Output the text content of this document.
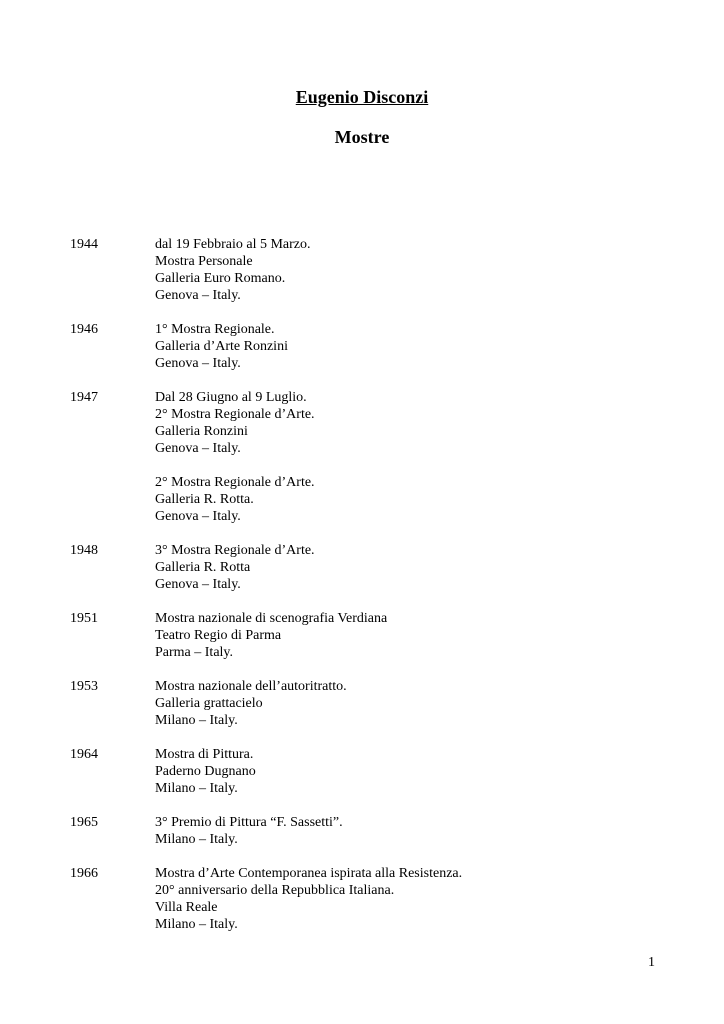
Eugenio Disconzi
Mostre
1944	dal 19 Febbraio al 5 Marzo.
Mostra Personale
Galleria Euro Romano.
Genova – Italy.
1946	1° Mostra Regionale.
Galleria d’Arte Ronzini
Genova – Italy.
1947	Dal 28 Giugno al 9 Luglio.
2° Mostra Regionale d’Arte.
Galleria Ronzini
Genova – Italy.
2° Mostra Regionale d’Arte.
Galleria R. Rotta.
Genova – Italy.
1948	3° Mostra Regionale d’Arte.
Galleria R. Rotta
Genova – Italy.
1951	Mostra nazionale di scenografia Verdiana
Teatro Regio di Parma
Parma – Italy.
1953	Mostra nazionale dell’autoritratto.
Galleria grattacielo
Milano – Italy.
1964	Mostra di Pittura.
Paderno Dugnano
Milano – Italy.
1965	3° Premio di Pittura “F. Sassetti”.
Milano – Italy.
1966	Mostra d’Arte Contemporanea ispirata alla Resistenza.
20° anniversario della Repubblica Italiana.
Villa Reale
Milano – Italy.
1
